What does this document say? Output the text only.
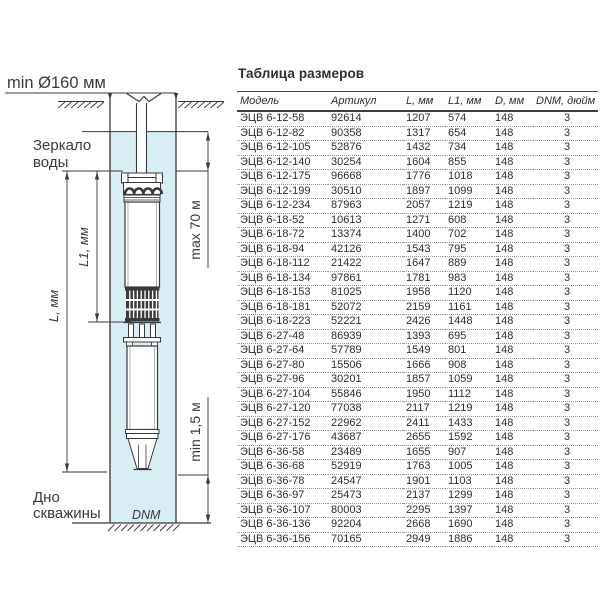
min Ø160 мм
Зеркало
воды
L, мм
L1, мм	max 70 м
min 1,5 м
Дно
скважины	DNM
Таблица размеров
Модель	Артикул	L, мм	L1, мм	D, мм	DNM, дюйм
ЭЦВ 6-12-58	92614	1207	574	148	3
ЭЦВ 6-12-82	90358	1317	654	148	3
ЭЦВ 6-12-105	52876	1432	734	148	3
ЭЦВ 6-12-140	30254	1604	855	148	3
ЭЦВ 6-12-175	96668	1776	1018	148	3
ЭЦВ 6-12-199	30510	1897	1099	148	3
ЭЦВ 6-12-234	87963	2057	1219	148	3
ЭЦВ 6-18-52	10613	1271	608	148	3
ЭЦВ 6-18-72	13374	1400	702	148	3
ЭЦВ 6-18-94	42126	1543	795	148	3
ЭЦВ 6-18-112	21422	1647	889	148	3
ЭЦВ 6-18-134	97861	1781	983	148	3
ЭЦВ 6-18-153	81025	1958	1120	148	3
ЭЦВ 6-18-181	52072	2159	1161	148	3
ЭЦВ 6-18-223	52221	2426	1448	148	3
ЭЦВ 6-27-48	86939	1393	695	148	3
ЭЦВ 6-27-64	57789	1549	801	148	3
ЭЦВ 6-27-80	15506	1666	908	148	3
ЭЦВ 6-27-96	30201	1857	1059	148	3
ЭЦВ 6-27-104	55846	1950	1112	148	3
ЭЦВ 6-27-120	77038	2117	1219	148	3
ЭЦВ 6-27-152	22962	2411	1433	148	3
ЭЦВ 6-27-176	43687	2655	1592	148	3
ЭЦВ 6-36-58	23489	1655	907	148	3
ЭЦВ 6-36-68	52919	1763	1005	148	3
ЭЦВ 6-36-78	24547	1901	1103	148	3
ЭЦВ 6-36-97	25473	2137	1299	148	3
ЭЦВ 6-36-107	80003	2295	1397	148	3
ЭЦВ 6-36-136	92204	2668	1690	148	3
ЭЦВ 6-36-156	70165	2949	1886	148	3
